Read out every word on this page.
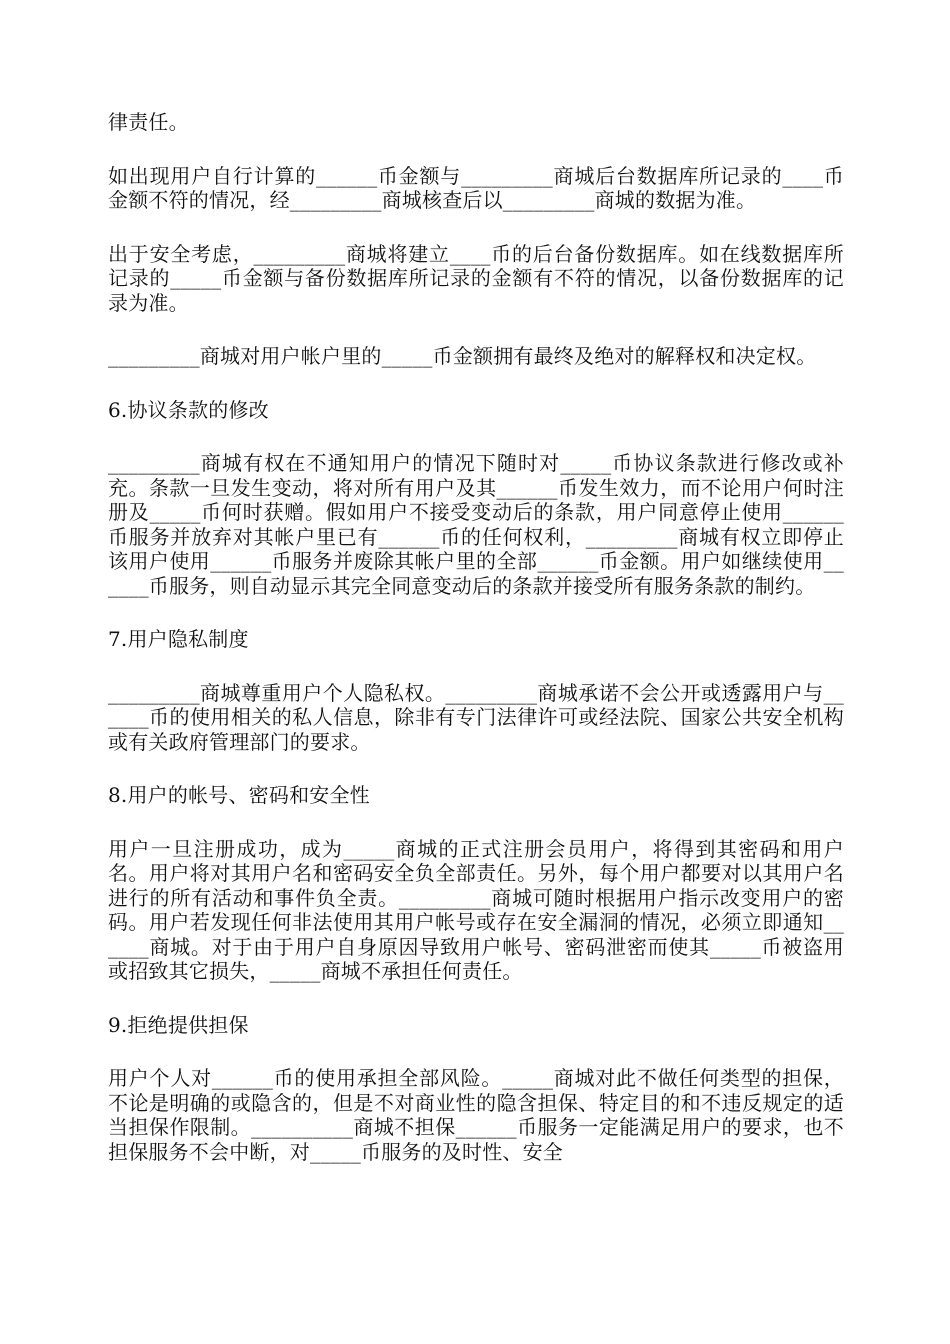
律责任。

如出现用户自行计算的______币金额与_________商城后台数据库所记录的____币金额不符的情况，经_________商城核查后以_________商城的数据为准。

出于安全考虑，_________商城将建立____币的后台备份数据库。如在线数据库所记录的_____币金额与备份数据库所记录的金额有不符的情况，以备份数据库的记录为准。

_________商城对用户帐户里的_____币金额拥有最终及绝对的解释权和决定权。

6.协议条款的修改

_________商城有权在不通知用户的情况下随时对_____币协议条款进行修改或补充。条款一旦发生变动，将对所有用户及其______币发生效力，而不论用户何时注册及_____币何时获赠。假如用户不接受变动后的条款，用户同意停止使用______币服务并放弃对其帐户里已有______币的任何权利，_________商城有权立即停止该用户使用______币服务并废除其帐户里的全部______币金额。用户如继续使用______币服务，则自动显示其完全同意变动后的条款并接受所有服务条款的制约。

7.用户隐私制度

_________商城尊重用户个人隐私权。_________商城承诺不会公开或透露用户与______币的使用相关的私人信息，除非有专门法律许可或经法院、国家公共安全机构或有关政府管理部门的要求。

8.用户的帐号、密码和安全性

用户一旦注册成功，成为_____商城的正式注册会员用户，将得到其密码和用户名。用户将对其用户名和密码安全负全部责任。另外，每个用户都要对以其用户名进行的所有活动和事件负全责。_________商城可随时根据用户指示改变用户的密码。用户若发现任何非法使用其用户帐号或存在安全漏洞的情况，必须立即通知______商城。对于由于用户自身原因导致用户帐号、密码泄密而使其_____币被盗用或招致其它损失，_____商城不承担任何责任。

9.拒绝提供担保

用户个人对______币的使用承担全部风险。_____商城对此不做任何类型的担保，不论是明确的或隐含的，但是不对商业性的隐含担保、特定目的和不违反规定的适当担保作限制。__________商城不担保______币服务一定能满足用户的要求，也不担保服务不会中断，对_____币服务的及时性、安全
